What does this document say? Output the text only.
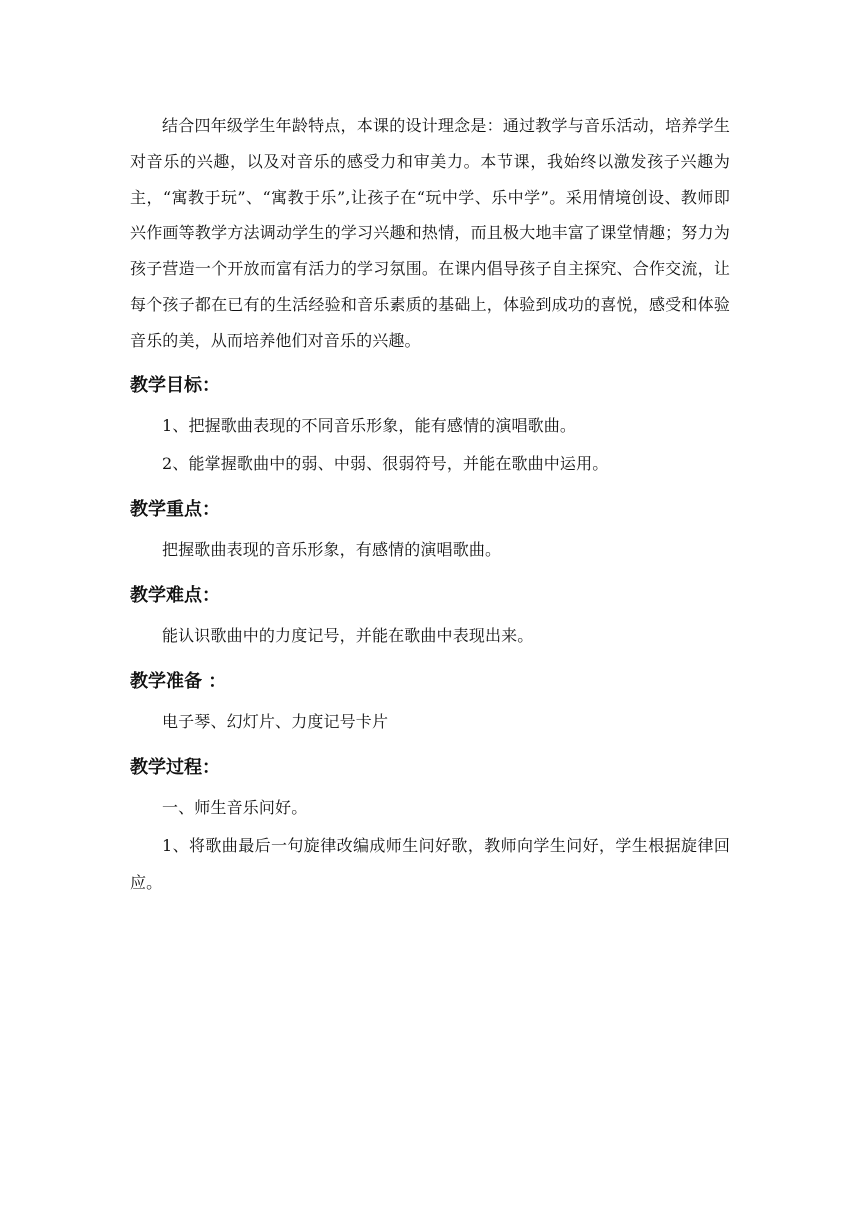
结合四年级学生年龄特点，本课的设计理念是：通过教学与音乐活动，培养学生对音乐的兴趣，以及对音乐的感受力和审美力。本节课，我始终以激发孩子兴趣为主，“寓教于玩”、“寓教于乐”,让孩子在“玩中学、乐中学”。采用情境创设、教师即兴作画等教学方法调动学生的学习兴趣和热情，而且极大地丰富了课堂情趣；努力为孩子营造一个开放而富有活力的学习氛围。在课内倡导孩子自主探究、合作交流，让每个孩子都在已有的生活经验和音乐素质的基础上，体验到成功的喜悦，感受和体验音乐的美，从而培养他们对音乐的兴趣。

教学目标：

1、把握歌曲表现的不同音乐形象，能有感情的演唱歌曲。

2、能掌握歌曲中的弱、中弱、很弱符号，并能在歌曲中运用。

教学重点：

把握歌曲表现的音乐形象，有感情的演唱歌曲。

教学难点：

能认识歌曲中的力度记号，并能在歌曲中表现出来。

教学准备 ：

电子琴、幻灯片、力度记号卡片

教学过程：

一、师生音乐问好。

1、将歌曲最后一句旋律改编成师生问好歌，教师向学生问好，学生根据旋律回应。
